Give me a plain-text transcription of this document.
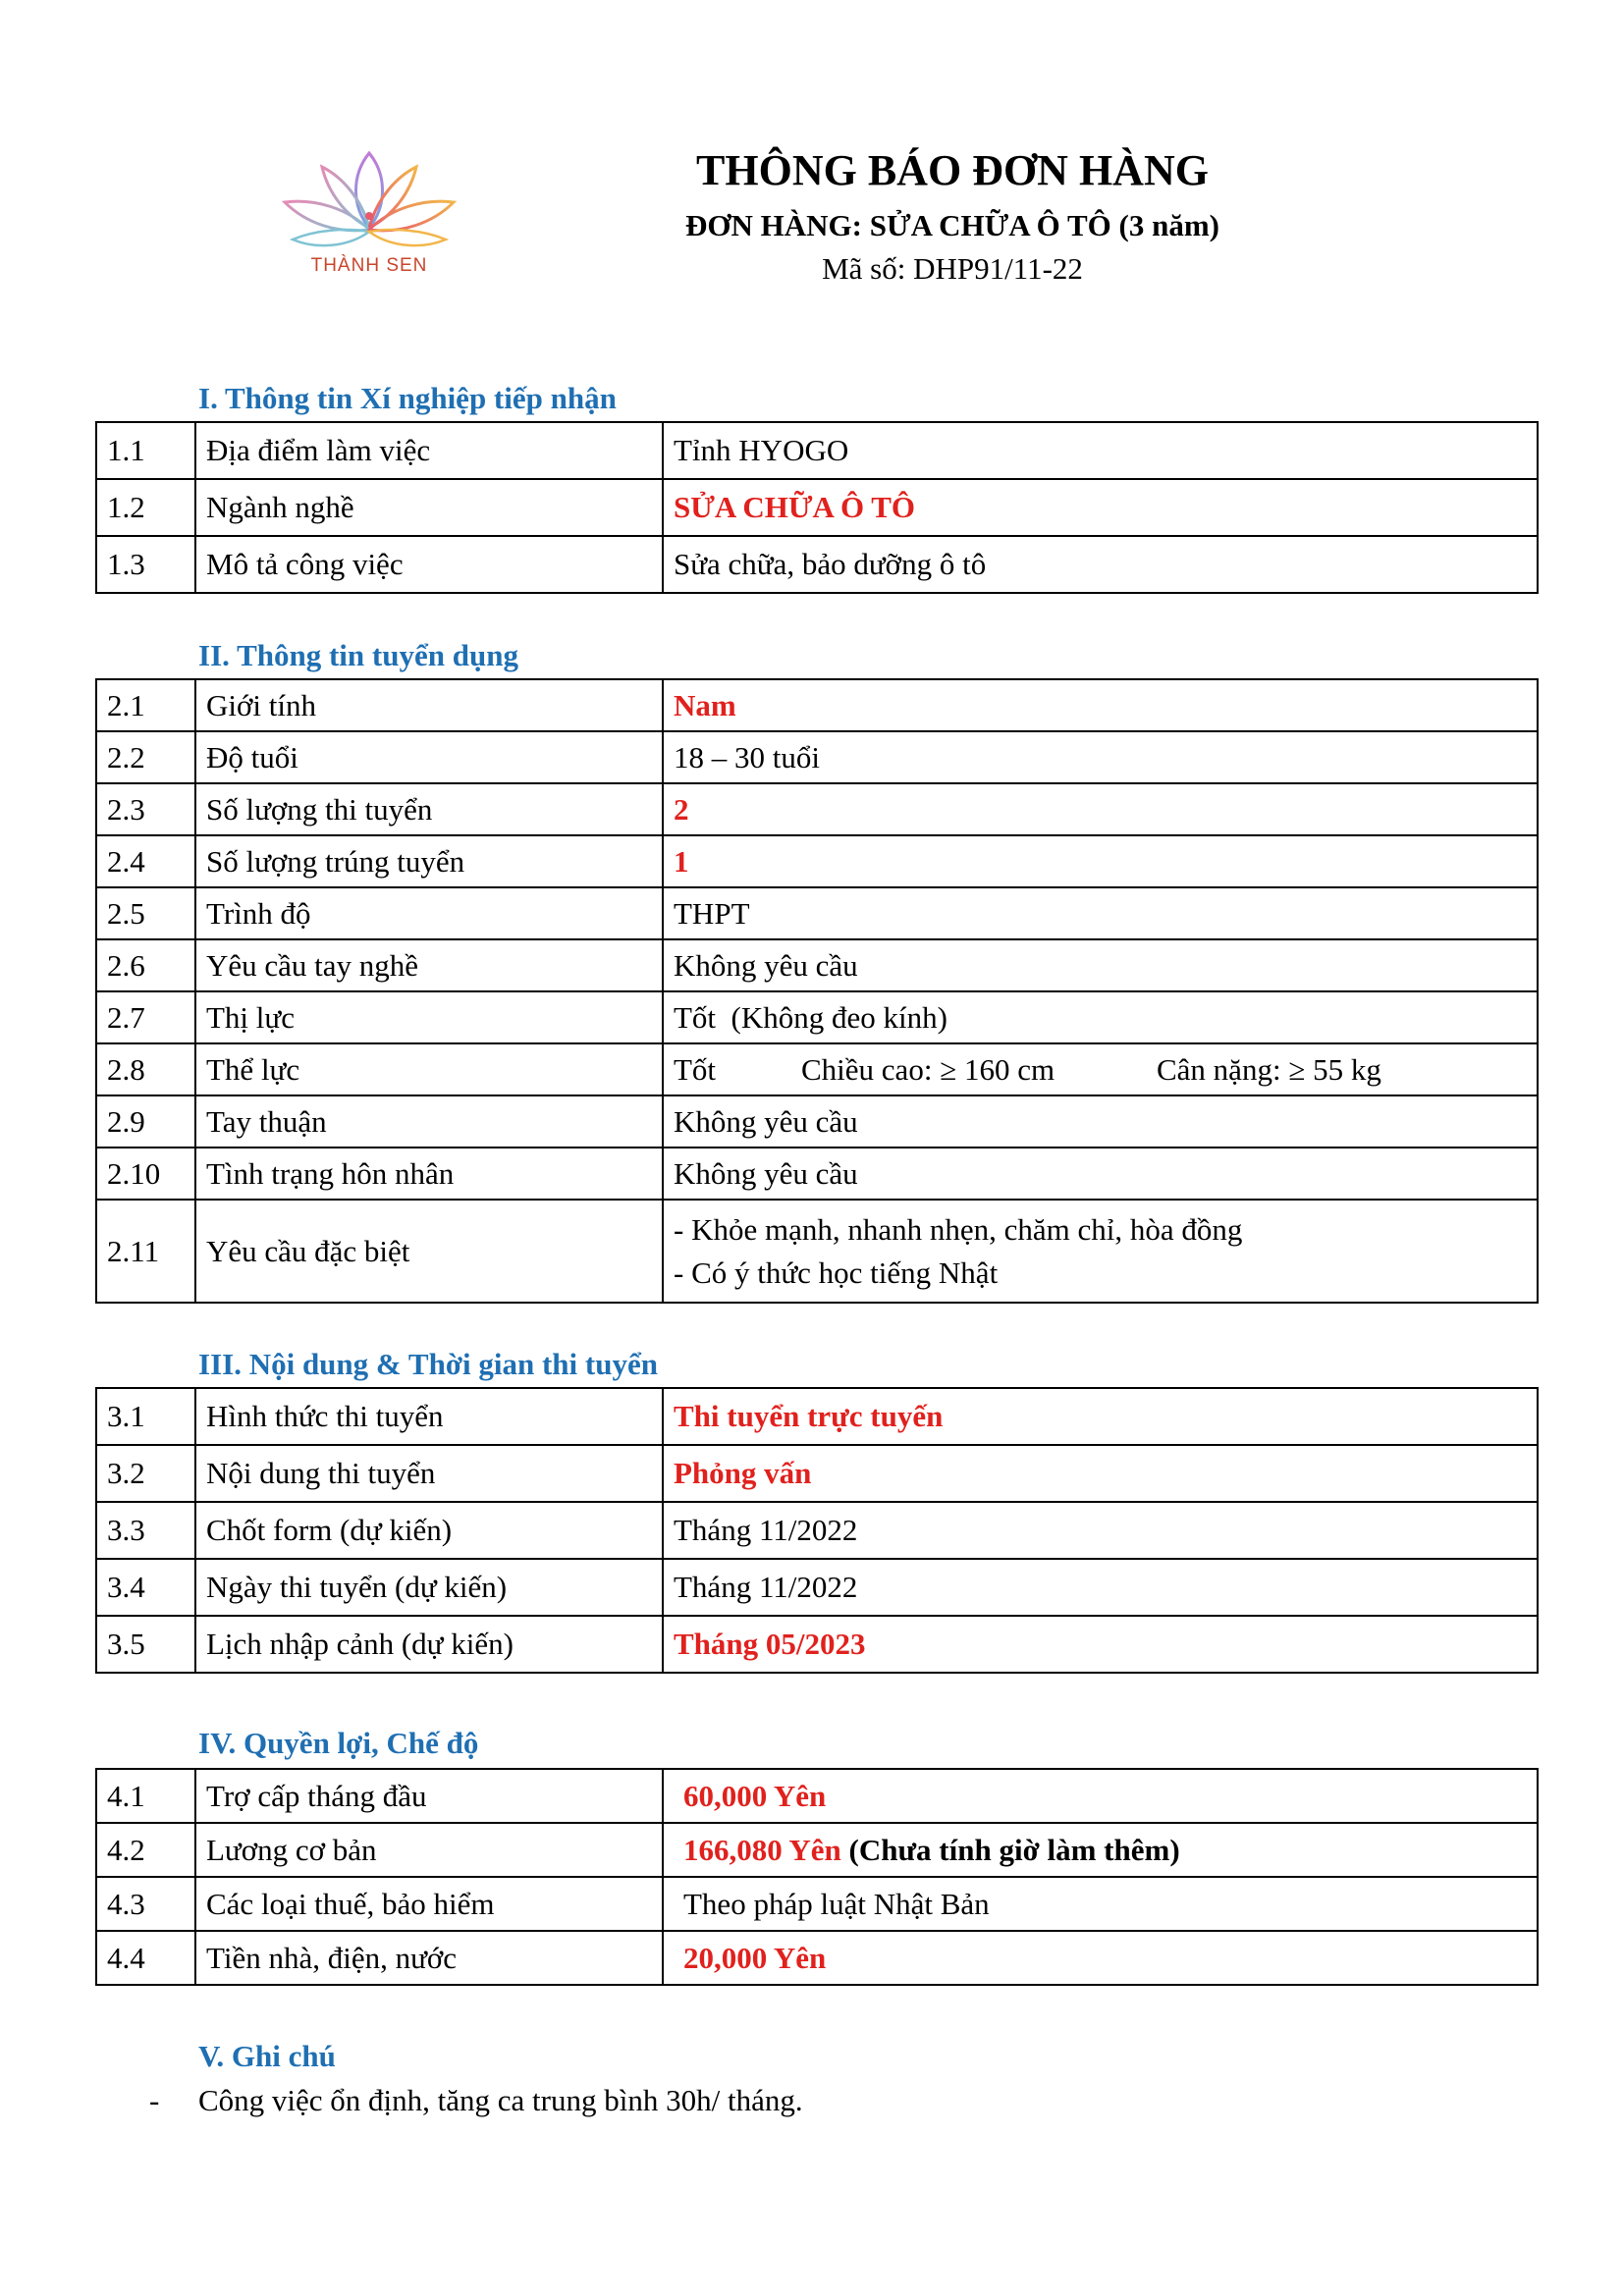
THÀNH SEN
THÔNG BÁO ĐƠN HÀNG
ĐƠN HÀNG: SỬA CHỮA Ô TÔ (3 năm)
Mã số: DHP91/11-22
I. Thông tin Xí nghiệp tiếp nhận
1.1	Địa điểm làm việc	Tỉnh HYOGO
1.2	Ngành nghề	SỬA CHỮA Ô TÔ
1.3	Mô tả công việc	Sửa chữa, bảo dưỡng ô tô
II. Thông tin tuyển dụng
2.1	Giới tính	Nam
2.2	Độ tuổi	18 – 30 tuổi
2.3	Số lượng thi tuyển	2
2.4	Số lượng trúng tuyển	1
2.5	Trình độ	THPT
2.6	Yêu cầu tay nghề	Không yêu cầu
2.7	Thị lực	Tốt  (Không đeo kính)
2.8	Thể lực	Tốt Chiều cao: ≥ 160 cm Cân nặng: ≥ 55 kg
2.9	Tay thuận	Không yêu cầu
2.10	Tình trạng hôn nhân	Không yêu cầu
2.11	Yêu cầu đặc biệt	- Khỏe mạnh, nhanh nhẹn, chăm chỉ, hòa đồng
- Có ý thức học tiếng Nhật
III. Nội dung & Thời gian thi tuyển
3.1	Hình thức thi tuyển	Thi tuyển trực tuyến
3.2	Nội dung thi tuyển	Phỏng vấn
3.3	Chốt form (dự kiến)	Tháng 11/2022
3.4	Ngày thi tuyển (dự kiến)	Tháng 11/2022
3.5	Lịch nhập cảnh (dự kiến)	Tháng 05/2023
IV. Quyền lợi, Chế độ
4.1	Trợ cấp tháng đầu	60,000 Yên
4.2	Lương cơ bản	166,080 Yên (Chưa tính giờ làm thêm)
4.3	Các loại thuế, bảo hiểm	Theo pháp luật Nhật Bản
4.4	Tiền nhà, điện, nước	20,000 Yên
V. Ghi chú
- Công việc ổn định, tăng ca trung bình 30h/ tháng.
